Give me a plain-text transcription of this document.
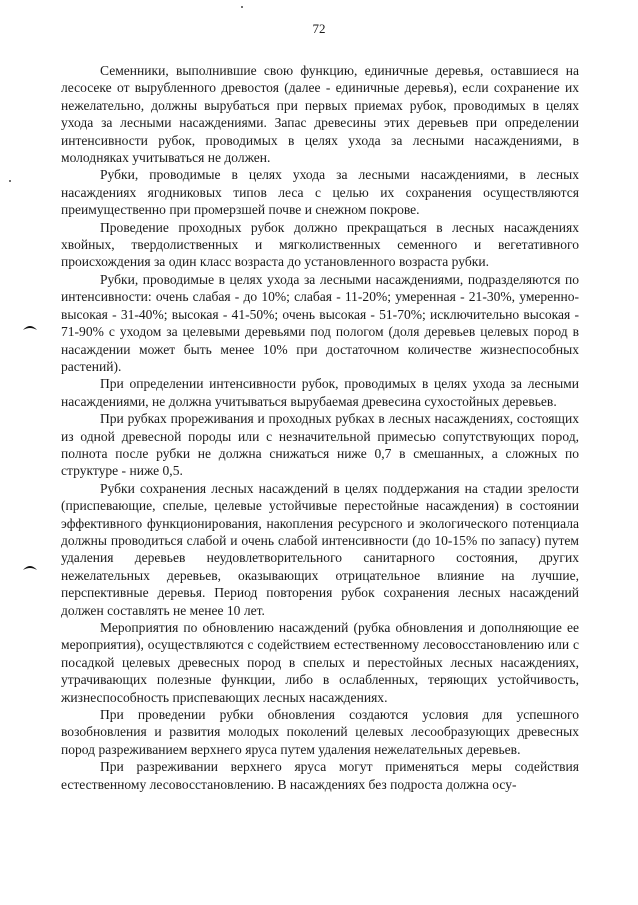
72

Семенники, выполнившие свою функцию, единичные деревья, оставшиеся на лесосеке от вырубленного древостоя (далее - единичные деревья), если сохранение их нежелательно, должны вырубаться при первых приемах рубок, проводимых в целях ухода за лесными насаждениями. Запас древесины этих деревьев при определении интенсивности рубок, проводимых в целях ухода за лесными насаждениями, в молодняках учитываться не должен.

Рубки, проводимые в целях ухода за лесными насаждениями, в лесных насаждениях ягодниковых типов леса с целью их сохранения осуществляются преимущественно при промерзшей почве и снежном покрове.

Проведение проходных рубок должно прекращаться в лесных насаждениях хвойных, твердолиственных и мягколиственных семенного и вегетативного происхождения за один класс возраста до установленного возраста рубки.

Рубки, проводимые в целях ухода за лесными насаждениями, подразделяются по интенсивности: очень слабая - до 10%; слабая - 11-20%; умеренная - 21-30%, умеренно-высокая - 31-40%; высокая - 41-50%; очень высокая - 51-70%; исключительно высокая - 71-90% с уходом за целевыми деревьями под пологом (доля деревьев целевых пород в насаждении может быть менее 10% при достаточном количестве жизнеспособных растений).

При определении интенсивности рубок, проводимых в целях ухода за лесными насаждениями, не должна учитываться вырубаемая древесина сухостойных деревьев.

При рубках прореживания и проходных рубках в лесных насаждениях, состоящих из одной древесной породы или с незначительной примесью сопутствующих пород, полнота после рубки не должна снижаться ниже 0,7 в смешанных, а сложных по структуре - ниже 0,5.

Рубки сохранения лесных насаждений в целях поддержания на стадии зрелости (приспевающие, спелые, целевые устойчивые перестойные насаждения) в состоянии эффективного функционирования, накопления ресурсного и экологического потенциала должны проводиться слабой и очень слабой интенсивности (до 10-15% по запасу) путем удаления деревьев неудовлетворительного санитарного состояния, других нежелательных деревьев, оказывающих отрицательное влияние на лучшие, перспективные деревья. Период повторения рубок сохранения лесных насаждений должен составлять не менее 10 лет.

Мероприятия по обновлению насаждений (рубка обновления и дополняющие ее мероприятия), осуществляются с содействием естественному лесовосстановлению или с посадкой целевых древесных пород в спелых и перестойных лесных насаждениях, утрачивающих полезные функции, либо в ослабленных, теряющих устойчивость, жизнеспособность приспевающих лесных насаждениях.

При проведении рубки обновления создаются условия для успешного возобновления и развития молодых поколений целевых лесообразующих древесных пород разреживанием верхнего яруса путем удаления нежелательных деревьев.

При разреживании верхнего яруса могут применяться меры содействия естественному лесовосстановлению. В насаждениях без подроста должна осу-
